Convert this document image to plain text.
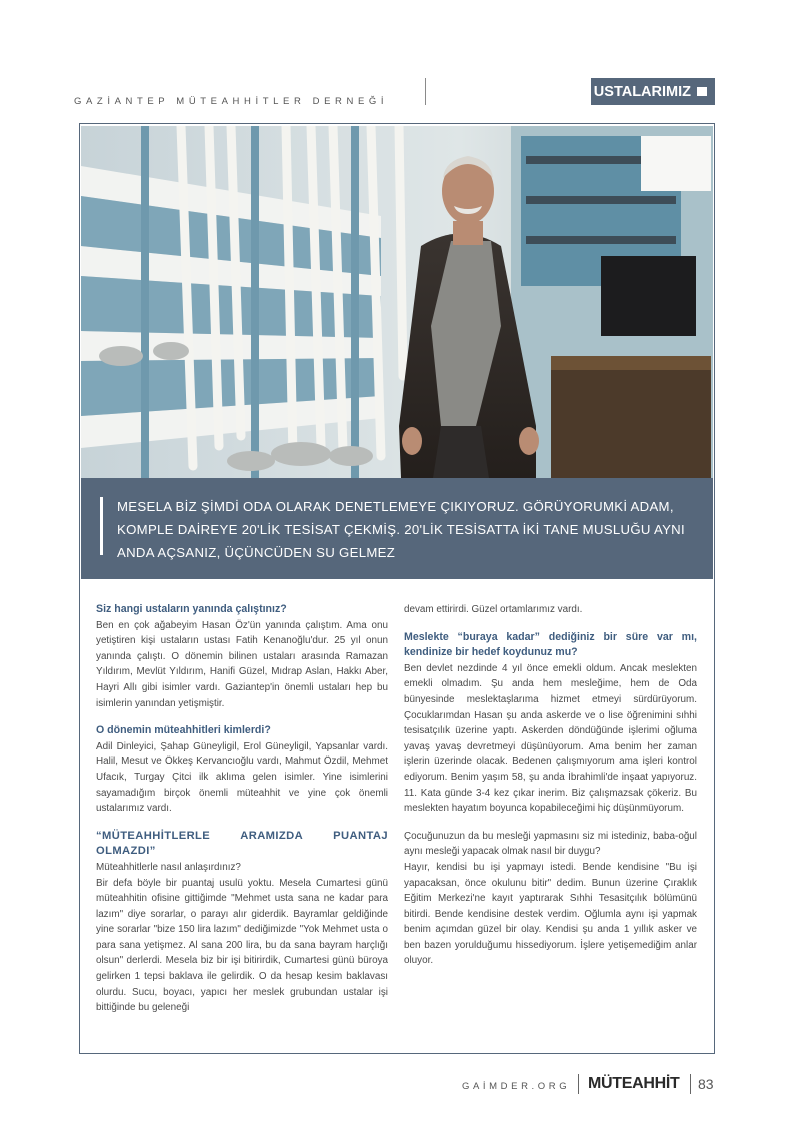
GAZİANTEP MÜTEAHHİTLER DERNEĞİ
USTALARIMIZ
MESELA BİZ ŞİMDİ ODA OLARAK DENETLEMEYE ÇIKIYORUZ. GÖRÜYORUMKİ ADAM, KOMPLE DAİREYE 20'LİK TESİSAT ÇEKMİŞ. 20'LİK TESİSATTA İKİ TANE MUSLUĞU AYNI ANDA AÇSANIZ, ÜÇÜNCÜDEN SU GELMEZ

Siz hangi ustaların yanında çalıştınız?

Ben en çok ağabeyim Hasan Öz'ün yanında çalıştım. Ama onu yetiştiren kişi ustaların ustası Fatih Kenanoğlu'dur. 25 yıl onun yanında çalıştı. O dönemin bilinen ustaları arasında Ramazan Yıldırım, Mevlüt Yıldırım, Hanifi Güzel, Mıdrap Aslan, Hakkı Aber, Hayri Allı gibi isimler vardı. Gaziantep'in önemli ustaları hep bu isimlerin yanından yetişmiştir.

O dönemin müteahhitleri kimlerdi?

Adil Dinleyici, Şahap Güneyligil, Erol Güneyligil, Yapsanlar vardı. Halil, Mesut ve Ökkeş Kervancıoğlu vardı, Mahmut Özdil, Mehmet Ufacık, Turgay Çitci ilk aklıma gelen isimler. Yine isimlerini sayamadığım birçok önemli müteahhit ve yine çok önemli ustalarımız vardı.

“MÜTEAHHİTLERLE ARAMIZDA PUANTAJ OLMAZDI”

Müteahhitlerle nasıl anlaşırdınız?

Bir defa böyle bir puantaj usulü yoktu. Mesela Cumartesi günü müteahhitin ofisine gittiğimde "Mehmet usta sana ne kadar para lazım" diye sorarlar, o parayı alır giderdik. Bayramlar geldiğinde yine sorarlar "bize 150 lira lazım" dediğimizde "Yok Mehmet usta o para sana yetişmez. Al sana 200 lira, bu da sana bayram harçlığı olsun" derlerdi. Mesela biz bir işi bitirirdik, Cumartesi günü büroya gelirken 1 tepsi baklava ile gelirdik. O da hesap kesim baklavası olurdu. Sucu, boyacı, yapıcı her meslek grubundan ustalar işi bittiğinde bu geleneği

devam ettirirdi. Güzel ortamlarımız vardı.

Meslekte “buraya kadar” dediğiniz bir süre var mı, kendinize bir hedef koydunuz mu?

Ben devlet nezdinde 4 yıl önce emekli oldum. Ancak meslekten emekli olmadım. Şu anda hem mesleğime, hem de Oda bünyesinde meslektaşlarıma hizmet etmeyi sürdürüyorum. Çocuklarımdan Hasan şu anda askerde ve o lise öğrenimini sıhhi tesisatçılık üzerine yaptı. Askerden döndüğünde işlerimi oğluma yavaş yavaş devretmeyi düşünüyorum. Ama benim her zaman işlerin üzerinde olacak. Bedenen çalışmıyorum ama işleri kontrol ediyorum. Benim yaşım 58, şu anda İbrahimli'de inşaat yapıyoruz. 11. Kata günde 3-4 kez çıkar inerim. Biz çalışmazsak çökeriz. Bu meslekten hayatım boyunca kopabileceğimi hiç düşünmüyorum.

Çocuğunuzun da bu mesleği yapmasını siz mi istediniz, baba-oğul aynı mesleği yapacak olmak nasıl bir duygu?

Hayır, kendisi bu işi yapmayı istedi. Bende kendisine "Bu işi yapacaksan, önce okulunu bitir" dedim. Bunun üzerine Çıraklık Eğitim Merkezi'ne kayıt yaptırarak Sıhhi Tesasitçılık bölümünü bitirdi. Bende kendisine destek verdim. Oğlumla aynı işi yapmak benim açımdan güzel bir olay. Kendisi şu anda 1 yıllık asker ve ben bazen yorulduğumu hissediyorum. İşlere yetişemediğim anlar oluyor.

GAİMDER.ORG MÜTEAHHİT 83
